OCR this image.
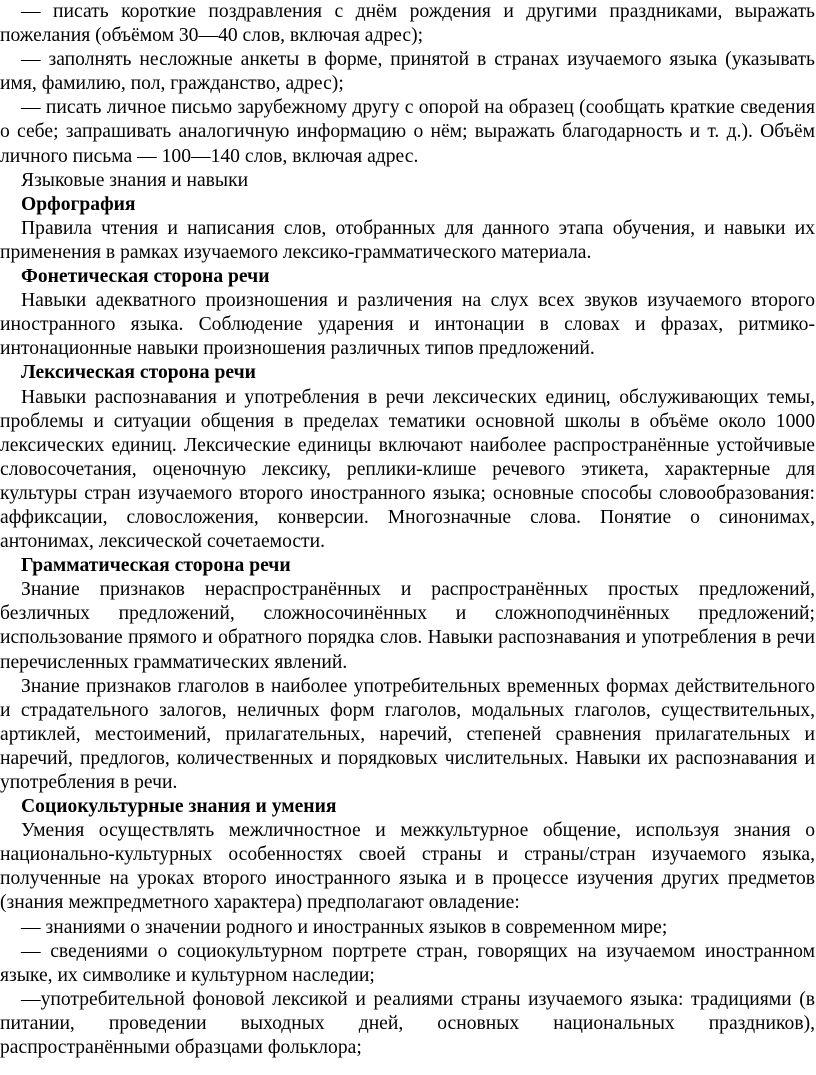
— писать короткие поздравления с днём рождения и другими праздниками, выражать пожелания (объёмом 30—40 слов, включая адрес);

— заполнять несложные анкеты в форме, принятой в странах изучаемого языка (указывать имя, фамилию, пол, гражданство, адрес);

— писать личное письмо зарубежному другу с опорой на образец (сообщать краткие сведения о себе; запрашивать аналогичную информацию о нём; выражать благодарность и т. д.). Объём личного письма — 100—140 слов, включая адрес.

Языковые знания и навыки

Орфография

Правила чтения и написания слов, отобранных для данного этапа обучения, и навыки их применения в рамках изучаемого лексико-грамматического материала.

Фонетическая сторона речи

Навыки адекватного произношения и различения на слух всех звуков изучаемого второго иностранного языка. Соблюдение ударения и интонации в словах и фразах, ритмико-интонационные навыки произношения различных типов предложений.

Лексическая сторона речи

Навыки распознавания и употребления в речи лексических единиц, обслуживающих темы, проблемы и ситуации общения в пределах тематики основной школы в объёме около 1000 лексических единиц. Лексические единицы включают наиболее распространённые устойчивые словосочетания, оценочную лексику, реплики-клише речевого этикета, характерные для культуры стран изучаемого второго иностранного языка; основные способы словообразования: аффиксации, словосложения, конверсии. Многозначные слова. Понятие о синонимах, антонимах, лексической сочетаемости.

Грамматическая сторона речи

Знание признаков нераспространённых и распространённых простых предложений, безличных предложений, сложносочинённых и сложноподчинённых предложений; использование прямого и обратного порядка слов. Навыки распознавания и употребления в речи перечисленных грамматических явлений.

Знание признаков глаголов в наиболее употребительных временных формах действительного и страдательного залогов, неличных форм глаголов, модальных глаголов, существительных, артиклей, местоимений, прилагательных, наречий, степеней сравнения прилагательных и наречий, предлогов, количественных и порядковых числительных. Навыки их распознавания и употребления в речи.

Социокультурные знания и умения

Умения осуществлять межличностное и межкультурное общение, используя знания о национально-культурных особенностях своей страны и страны/стран изучаемого языка, полученные на уроках второго иностранного языка и в процессе изучения других предметов (знания межпредметного характера) предполагают овладение:

— знаниями о значении родного и иностранных языков в современном мире;

— сведениями о социокультурном портрете стран, говорящих на изучаемом иностранном языке, их символике и культурном наследии;

—употребительной фоновой лексикой и реалиями страны изучаемого языка: традициями (в питании, проведении выходных дней, основных национальных праздников), распространёнными образцами фольклора;
